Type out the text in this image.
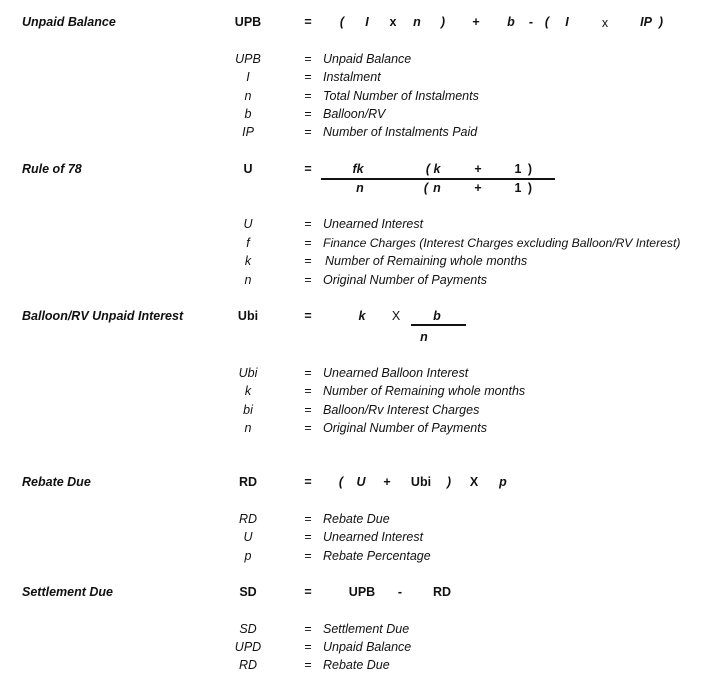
Unpaid Balance	UPB	= ( I x n ) + b - ( I	x	IP )
UPB	= Unpaid Balance
I	= Instalment
n	= Total Number of Instalments
b	= Balloon/RV
IP	= Number of Instalments Paid
Rule of 78	U	=	fk	( k	+	1 )
n	( n	+	1 )
U	= Unearned Interest
f	= Finance Charges (Interest Charges excluding Balloon/RV Interest)
k	= Number of Remaining whole months
n	= Original Number of Payments
Balloon/RV Unpaid Interest	Ubi	=	k X	b
n
Ubi	= Unearned Balloon Interest
k	= Number of Remaining whole months
bi	= Balloon/Rv Interest Charges
n	= Original Number of Payments
Rebate Due	RD	= ( U + Ubi ) X p
RD	= Rebate Due
U	= Unearned Interest
p	= Rebate Percentage
Settlement Due	SD	=	UPB - RD
SD	= Settlement Due
UPD	= Unpaid Balance
RD	= Rebate Due
